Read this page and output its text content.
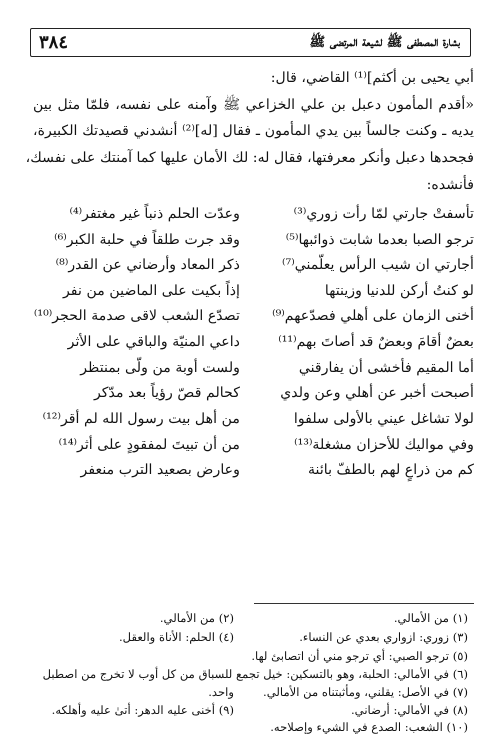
٣٨٤	بشارة المصطفى ﷺ لشيعة المرتضى ﷺ
أبي يحيى بن أكثم]⁽¹⁾ القاضي، قال:
«أقدم المأمون دعبل بن علي الخزاعي ﷺ وآمنه على نفسه، فلمّا مثل بين
يديه ـ وكنت جالساً بين يدي المأمون ـ فقال [له]⁽²⁾ أنشدني قصيدتك الكبيرة،
فجحدها دعبل وأنكر معرفتها، فقال له: لك الأمان عليها كما آمنتك على نفسك،
فأنشده:
تأسفتْ جارتي لمّا رأت زوري⁽³⁾
وعدّت الحلم ذنباً غير مغتفر⁽⁴⁾
ترجو الصبا بعدما شابت ذوائبها⁽⁵⁾
وقد جرت طلقاً في حلبة الكبر⁽⁶⁾
أجارتي ان شيب الرأس يعلّمني⁽⁷⁾
ذكر المعاد وأرضاني عن القدر⁽⁸⁾
لو كنتُ أركن للدنيا وزينتها
إذاً بكيت على الماضين من نفر
أخنى الزمان على أهلي فصدّعهم⁽⁹⁾
تصدّع الشعب لاقى صدمة الحجر⁽¹⁰⁾
بعضٌ أقامَ وبعضٌ قد أصاتَ بهم⁽¹¹⁾
داعي المنيّة والباقي على الأثر
أما المقيم فأخشى أن يفارقني
ولست أوبة من ولّى بمنتظر
أصبحت أخبر عن أهلي وعن ولدي
كحالم قصّ رؤياً بعد مدّكر
لولا تشاغل عيني بالأولى سلفوا
من أهل بيت رسول الله لم أقر⁽¹²⁾
وفي مواليك للأحزان مشغلة⁽¹³⁾
من أن تبيتَ لمفقودٍ على أثر⁽¹⁴⁾
كم من ذراعٍ لهم بالطفّ بائنة
وعارض بصعيد الترب منعفر
(١) من الأمالي.
(٢) من الأمالي.
(٣) زوري: ازواري بعدي عن النساء.
(٤) الحلم: الأناة والعقل.
(٥) ترجو الصبي: أي ترجو مني أن اتصابئ لها.
(٦) في الأمالي: الحلبة، وهو بالتسكين: خيل تجمع للسباق من كل أوب لا تخرج من اصطبل
واحد.	(٧) في الأصل: يقلني، ومأثبتناه من الأمالي.
(٨) في الأمالي: أرضاني.
(٩) أخنى عليه الدهر: أتىٰ عليه وأهلكه.
(١٠) الشعب: الصدع في الشيء وإصلاحه.
